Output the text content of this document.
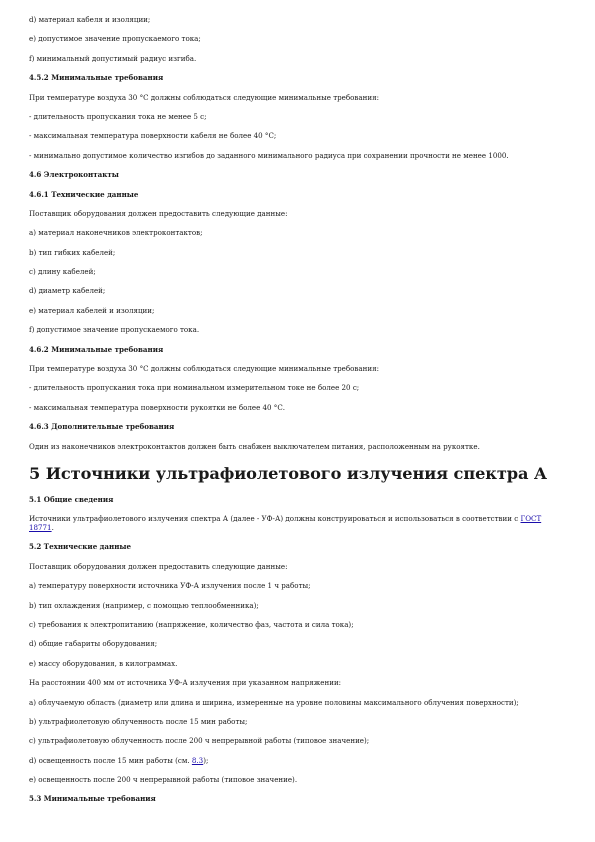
d) материал кабеля и изоляции;

e) допустимое значение пропускаемого тока;

f) минимальный допустимый радиус изгиба.

4.5.2 Минимальные требования

При температуре воздуха 30 °С должны соблюдаться следующие минимальные требования:

- длительность пропускания тока не менее 5 с;

- максимальная температура поверхности кабеля не более 40 °С;

- минимально допустимое количество изгибов до заданного минимального радиуса при сохранении прочности не менее 1000.

4.6 Электроконтакты

4.6.1 Технические данные

Поставщик оборудования должен предоставить следующие данные:

a) материал наконечников электроконтактов;

b) тип гибких кабелей;

c) длину кабелей;

d) диаметр кабелей;

e) материал кабелей и изоляции;

f) допустимое значение пропускаемого тока.

4.6.2 Минимальные требования

При температуре воздуха 30 °С должны соблюдаться следующие минимальные требования:

- длительность пропускания тока при номинальном измерительном токе не более 20 с;

- максимальная температура поверхности рукоятки не более 40 °С.

4.6.3 Дополнительные требования

Один из наконечников электроконтактов должен быть снабжен выключателем питания, расположенным на рукоятке.

5 Источники ультрафиолетового излучения спектра А

5.1 Общие сведения

Источники ультрафиолетового излучения спектра А (далее - УФ-А) должны конструироваться и использоваться в соответствии с ГОСТ 18771.

5.2 Технические данные

Поставщик оборудования должен предоставить следующие данные:

a) температуру поверхности источника УФ-А излучения после 1 ч работы;

b) тип охлаждения (например, с помощью теплообменника);

c) требования к электропитанию (напряжение, количество фаз, частота и сила тока);

d) общие габариты оборудования;

e) массу оборудования, в килограммах.

На расстоянии 400 мм от источника УФ-А излучения при указанном напряжении:

a) облучаемую область (диаметр или длина и ширина, измеренные на уровне половины максимального облучения поверхности);

b) ультрафиолетовую облученность после 15 мин работы;

c) ультрафиолетовую облученность после 200 ч непрерывной работы (типовое значение);

d) освещенность после 15 мин работы (см. 8.3);

e) освещенность после 200 ч непрерывной работы (типовое значение).

5.3 Минимальные требования
